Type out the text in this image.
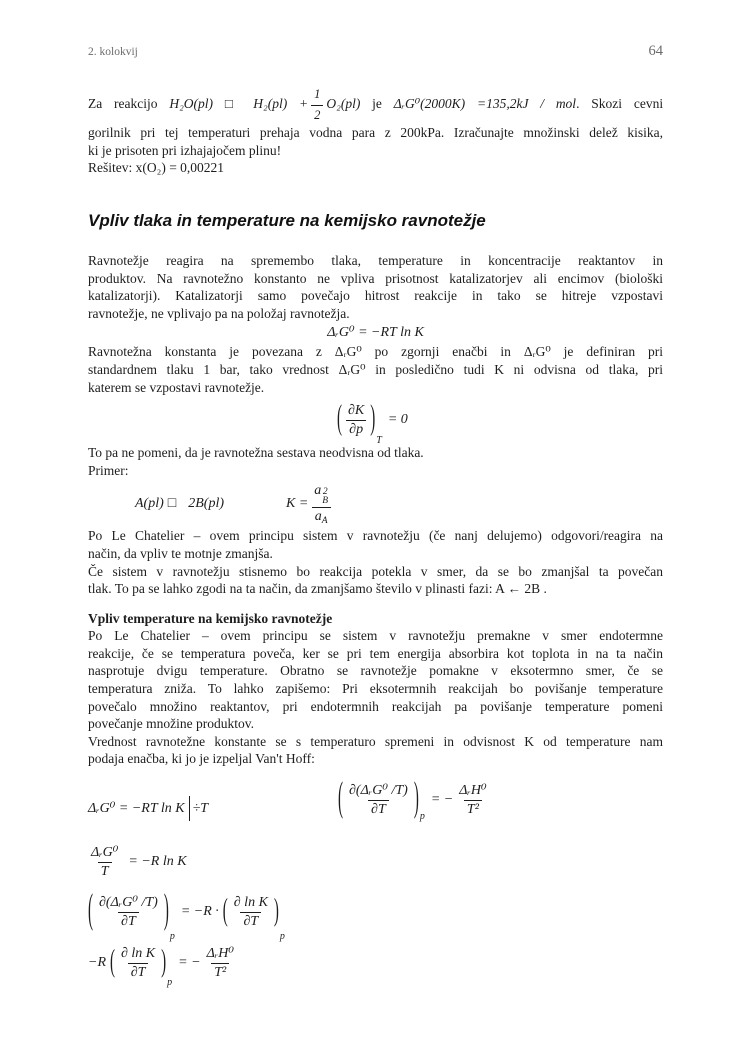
2. kolokvij	64
Za reakcijo H₂O(pl) □ $H_2(pl) + \frac{1}{2} O_2(pl)$ je ΔᵣG⁰(2000K) =135,2kJ / mol. Skozi cevni
gorilnik pri tej temperaturi prehaja vodna para z 200kPa. Izračunajte množinski delež kisika,
ki je prisoten pri izhajajočem plinu!
Rešitev: x(O₂) = 0,00221
Vpliv tlaka in temperature na kemijsko ravnotežje
Ravnotežje reagira na spremembo tlaka, temperature in koncentracije reaktantov in
produktov. Na ravnotežno konstanto ne vpliva prisotnost katalizatorjev ali encimov (biološki
katalizatorji). Katalizatorji samo povečajo hitrost reakcije in tako se hitreje vzpostavi
ravnotežje, ne vplivajo pa na položaj ravnotežja.
ΔᵣG⁰ = −RT ln K
Ravnotežna konstanta je povezana z ΔᵣG⁰ po zgornji enačbi in ΔᵣG⁰ je definiran pri
standardnem tlaku 1 bar, tako vrednost ΔᵣG⁰ in posledično tudi K ni odvisna od tlaka, pri
katerem se vzpostavi ravnotežje.
( $\frac{\partial K}{\partial p}$ )
T
= 0
To pa ne pomeni, da je ravnotežna sestava neodvisna od tlaka.
Primer:
A(pl) □ 2B(pl)	K = a 2
B
$a_A$
Po Le Chatelier – ovem principu sistem v ravnotežju (če nanj delujemo) odgovori/reagira na
način, da vpliv te motnje zmanjša.
Če sistem v ravnotežju stisnemo bo reakcija potekla v smer, da se bo zmanjšal ta povečan
tlak. To pa se lahko zgodi na ta način, da zmanjšamo število v plinasti fazi: A ← 2B .
Vpliv temperature na kemijsko ravnotežje
Po Le Chatelier – ovem principu se sistem v ravnotežju premakne v smer endotermne
reakcije, če se temperatura poveča, ker se pri tem energija absorbira kot toplota in na ta način
nasprotuje dvigu temperature. Obratno se ravnotežje pomakne v eksotermno smer, če se
temperatura zniža. To lahko zapišemo: Pri eksotermnih reakcijah bo povišanje temperature
povečalo množino reaktantov, pri endotermnih reakcijah pa povišanje temperature pomeni
povečanje množine produktov.
Vrednost ravnotežne konstante se s temperaturo spremeni in odvisnost K od temperature nam
podaja enačba, ki jo je izpeljal Van't Hoff:
ΔᵣG⁰ = −RT ln K ÷T	( $\frac{\text{∂(ΔᵣG⁰ /T)}}{\partial T}$ ) p
= − $\frac{\text{ΔᵣH⁰}}{\text{T²}}$
$\frac{\text{ΔᵣG⁰}}{T} = -R$ ln K
( $\frac{\text{∂(ΔᵣG⁰ /T)}}{\partial T}$ )
p
= −R · ( $\frac{\text{∂ ln K}}{\partial T}$ )
p
−R ( $\frac{\text{∂ ln K}}{\partial T}$ )
p
= − $\frac{\text{ΔᵣH⁰}}{\text{T²}}$
